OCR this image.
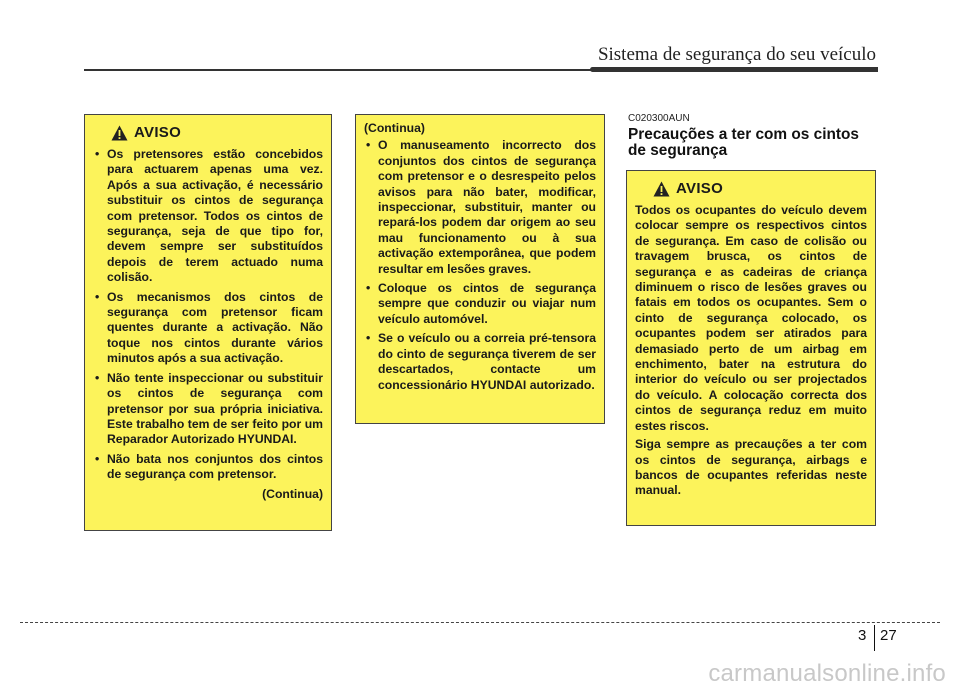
Sistema de segurança do seu veículo
AVISO
• Os pretensores estão concebidos para actuarem apenas uma vez. Após a sua activação, é necessário substituir os cintos de segurança com pretensor. Todos os cintos de segurança, seja de que tipo for, devem sempre ser substituídos depois de terem actuado numa colisão.
• Os mecanismos dos cintos de segurança com pretensor ficam quentes durante a activação. Não toque nos cintos durante vários minutos após a sua activação.
• Não tente inspeccionar ou substituir os cintos de segurança com pretensor por sua própria iniciativa. Este trabalho tem de ser feito por um Reparador Autorizado HYUNDAI.
• Não bata nos conjuntos dos cintos de segurança com pretensor.
(Continua)
(Continua)
• O manuseamento incorrecto dos conjuntos dos cintos de segurança com pretensor e o desrespeito pelos avisos para não bater, modificar, inspeccionar, substituir, manter ou repará-los podem dar origem ao seu mau funcionamento ou à sua activação extemporânea, que podem resultar em lesões graves.
• Coloque os cintos de segurança sempre que conduzir ou viajar num veículo automóvel.
• Se o veículo ou a correia pré-tensora do cinto de segurança tiverem de ser descartados, contacte um concessionário HYUNDAI autorizado.
C020300AUN
Precauções a ter com os cintos de segurança
AVISO

Todos os ocupantes do veículo devem colocar sempre os respectivos cintos de segurança. Em caso de colisão ou travagem brusca, os cintos de segurança e as cadeiras de criança diminuem o risco de lesões graves ou fatais em todos os ocupantes. Sem o cinto de segurança colocado, os ocupantes podem ser atirados para demasiado perto de um airbag em enchimento, bater na estrutura do interior do veículo ou ser projectados do veículo. A colocação correcta dos cintos de segurança reduz em muito estes riscos.

Siga sempre as precauções a ter com os cintos de segurança, airbags e bancos de ocupantes referidas neste manual.

3 27
carmanualsonline.info
